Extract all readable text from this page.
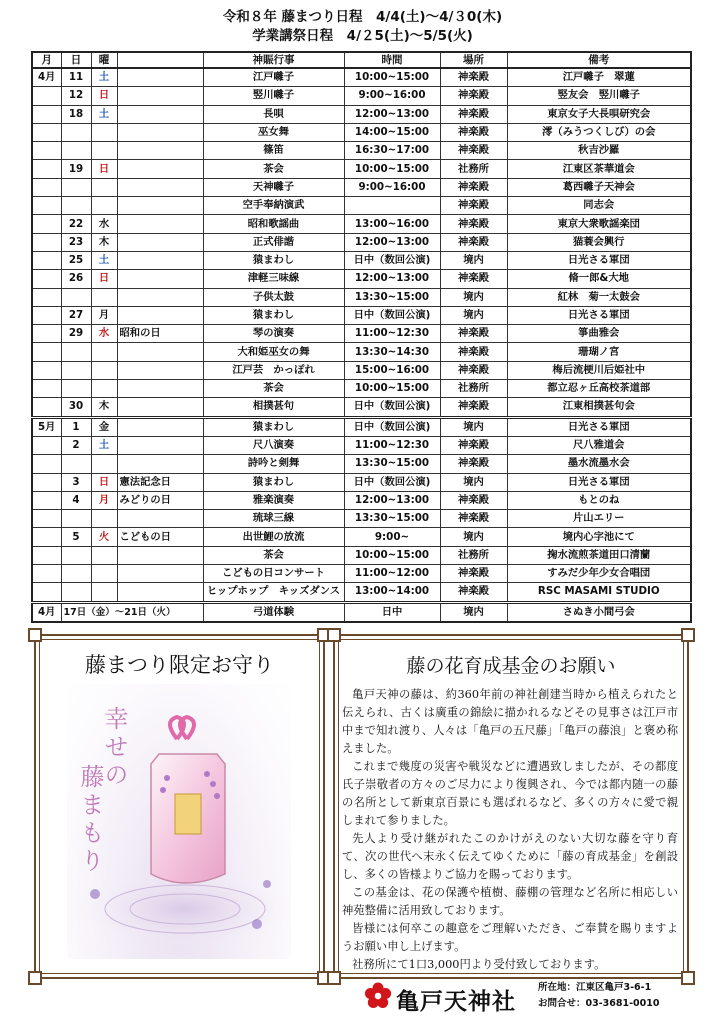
令和８年 藤まつり日程　4/4(土)～4/３0(木)
学業講祭日程　4/２5(土)～5/5(火)
月	日	曜		神賑行事	時間	場所	備考
4月	11	土		江戸囃子	10:00~15:00	神楽殿	江戸囃子　翠蓮
	12	日		竪川囃子	9:00~16:00	神楽殿	竪友会　竪川囃子
	18	土		長唄	12:00~13:00	神楽殿	東京女子大長唄研究会
				巫女舞	14:00~15:00	神楽殿	澪（みうつくしび）の会
				篠笛	16:30~17:00	神楽殿	秋吉沙羅
	19	日		茶会	10:00~15:00	社務所	江東区茶華道会
				天神囃子	9:00~16:00	神楽殿	葛西囃子天神会
				空手奉納演武		神楽殿	同志会
	22	水		昭和歌謡曲	13:00~16:00	神楽殿	東京大衆歌謡楽団
	23	木		正式俳諧	12:00~13:00	神楽殿	猫蓑会興行
	25	土		猿まわし	日中（数回公演)	境内	日光さる軍団
	26	日		津軽三味線	12:00~13:00	神楽殿	脩一郎&大地
				子供太鼓	13:30~15:00	境内	紅林　菊一太鼓会
	27	月		猿まわし	日中（数回公演)	境内	日光さる軍団
	29	水	昭和の日	琴の演奏	11:00~12:30	神楽殿	箏曲雅会
				大和姫巫女の舞	13:30~14:30	神楽殿	珊瑚ノ宮
				江戸芸　かっぽれ	15:00~16:00	神楽殿	梅后流梗川后姫社中
				茶会	10:00~15:00	社務所	都立忍ヶ丘高校茶道部
	30	木		相撲甚句	日中（数回公演)	神楽殿	江東相撲甚句会
5月	1	金		猿まわし	日中（数回公演)	境内	日光さる軍団
	2	土		尺八演奏	11:00~12:30	神楽殿	尺八雅道会
				詩吟と剣舞	13:30~15:00	神楽殿	墨水流墨水会
	3	日	憲法記念日	猿まわし	日中（数回公演)	境内	日光さる軍団
	4	月	みどりの日	雅楽演奏	12:00~13:00	神楽殿	もとのね
				琉球三線	13:30~15:00	神楽殿	片山エリー
	5	火	こどもの日	出世鯉の放流	9:00~	境内	境内心字池にて
				茶会	10:00~15:00	社務所	掬水流煎茶道田口清蘭
				こどもの日コンサート	11:00~12:00	神楽殿	すみだ少年少女合唱団
				ヒップホップ　キッズダンス	13:00~14:00	神楽殿	RSC MASAMI STUDIO
4月	17日（金）～21日（火）			弓道体験	日中	境内	さぬき小間弓会
藤まつり限定お守り
幸せの
藤まもり
藤の花育成基金のお願い

亀戸天神の藤は、約360年前の神社創建当時から植えられたと伝えられ、古くは廣重の錦絵に描かれるなどその見事さは江戸市中まで知れ渡り、人々は「亀戸の五尺藤」「亀戸の藤浪」と褒め称えました。

これまで幾度の災害や戦災などに遭遇致しましたが、その都度氏子崇敬者の方々のご尽力により復興され、今では都内随一の藤の名所として新東京百景にも選ばれるなど、多くの方々に愛で親しまれて参りました。

先人より受け継がれたこのかけがえのない大切な藤を守り育て、次の世代へ末永く伝えてゆくために「藤の育成基金」を創設し、多くの皆様よりご協力を賜っております。

この基金は、花の保護や植樹、藤棚の管理など名所に相応しい神苑整備に活用致しております。

皆様には何卒この趣意をご理解いただき、ご奉賛を賜りますようお願い申し上げます。

社務所にて1口3,000円より受付致しております。

亀戸天神社
所在地：江東区亀戸3-6-1
お問合せ：03-3681-0010
